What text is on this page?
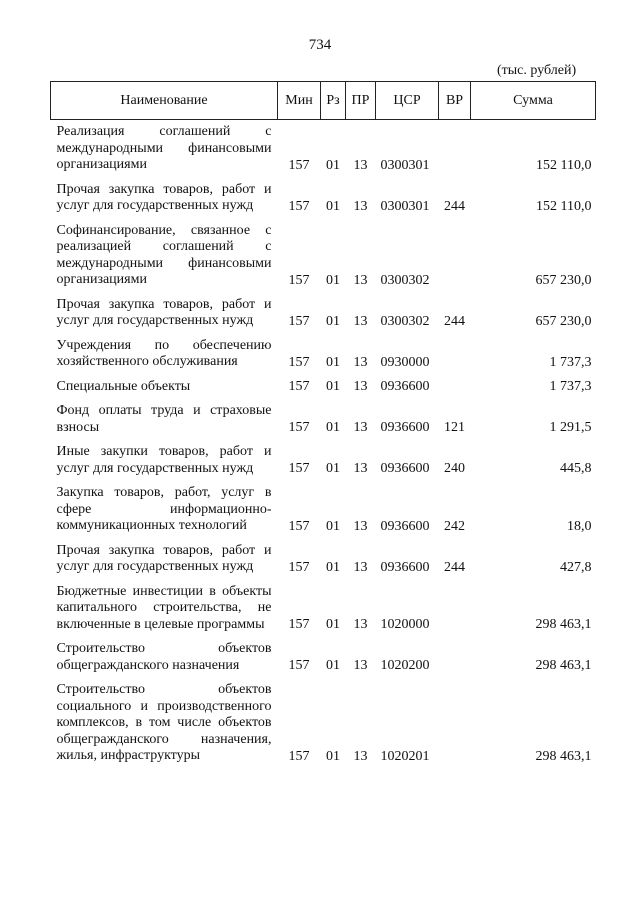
734
(тыс. рублей)
Наименование	Мин	Рз	ПР	ЦСР	ВР	Сумма
Реализация соглашений с международными финансовыми организациями	157	01	13	0300301		152 110,0
Прочая закупка товаров, работ и услуг для государственных нужд	157	01	13	0300301	244	152 110,0
Софинансирование, связанное с реализацией соглашений с международными финансовыми организациями	157	01	13	0300302		657 230,0
Прочая закупка товаров, работ и услуг для государственных нужд	157	01	13	0300302	244	657 230,0
Учреждения по обеспечению хозяйственного обслуживания	157	01	13	0930000		1 737,3
Специальные объекты	157	01	13	0936600		1 737,3
Фонд оплаты труда и страховые взносы	157	01	13	0936600	121	1 291,5
Иные закупки товаров, работ и услуг для государственных нужд	157	01	13	0936600	240	445,8
Закупка товаров, работ, услуг в сфере информационно-коммуникационных технологий	157	01	13	0936600	242	18,0
Прочая закупка товаров, работ и услуг для государственных нужд	157	01	13	0936600	244	427,8
Бюджетные инвестиции в объекты капитального строительства, не включенные в целевые программы	157	01	13	1020000		298 463,1
Строительство объектов общегражданского назначения	157	01	13	1020200		298 463,1
Строительство объектов социального и производственного комплексов, в том числе объектов общегражданского назначения, жилья, инфраструктуры	157	01	13	1020201		298 463,1
